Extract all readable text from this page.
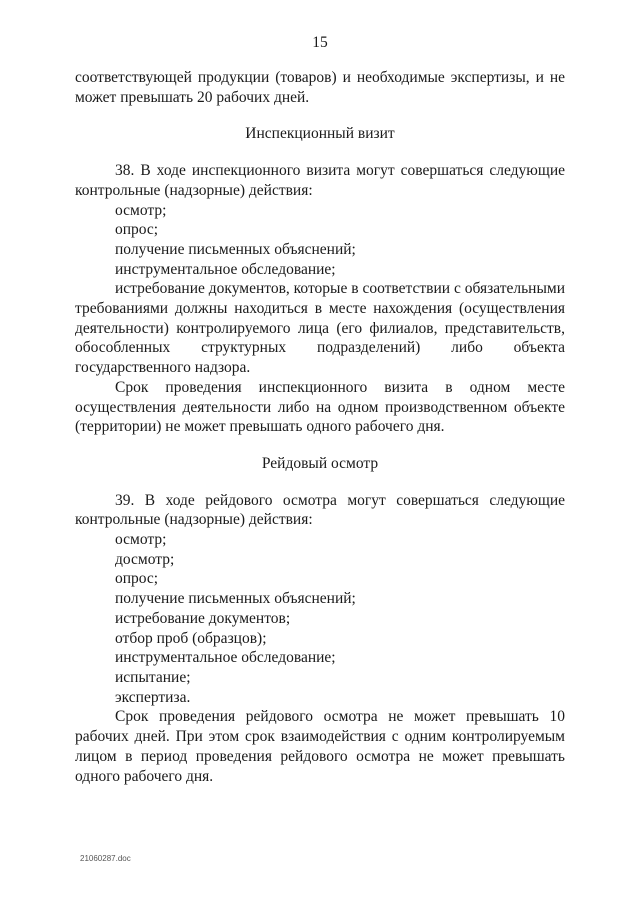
15

соответствующей продукции (товаров) и необходимые экспертизы, и не может превышать 20 рабочих дней.

Инспекционный визит

38. В ходе инспекционного визита могут совершаться следующие контрольные (надзорные) действия:

осмотр;

опрос;

получение письменных объяснений;

инструментальное обследование;

истребование документов, которые в соответствии с обязательными требованиями должны находиться в месте нахождения (осуществления деятельности) контролируемого лица (его филиалов, представительств, обособленных структурных подразделений) либо объекта государственного надзора.

Срок проведения инспекционного визита в одном месте осуществления деятельности либо на одном производственном объекте (территории) не может превышать одного рабочего дня.

Рейдовый осмотр

39. В ходе рейдового осмотра могут совершаться следующие контрольные (надзорные) действия:

осмотр;

досмотр;

опрос;

получение письменных объяснений;

истребование документов;

отбор проб (образцов);

инструментальное обследование;

испытание;

экспертиза.

Срок проведения рейдового осмотра не может превышать 10 рабочих дней. При этом срок взаимодействия с одним контролируемым лицом в период проведения рейдового осмотра не может превышать одного рабочего дня.

21060287.doc
